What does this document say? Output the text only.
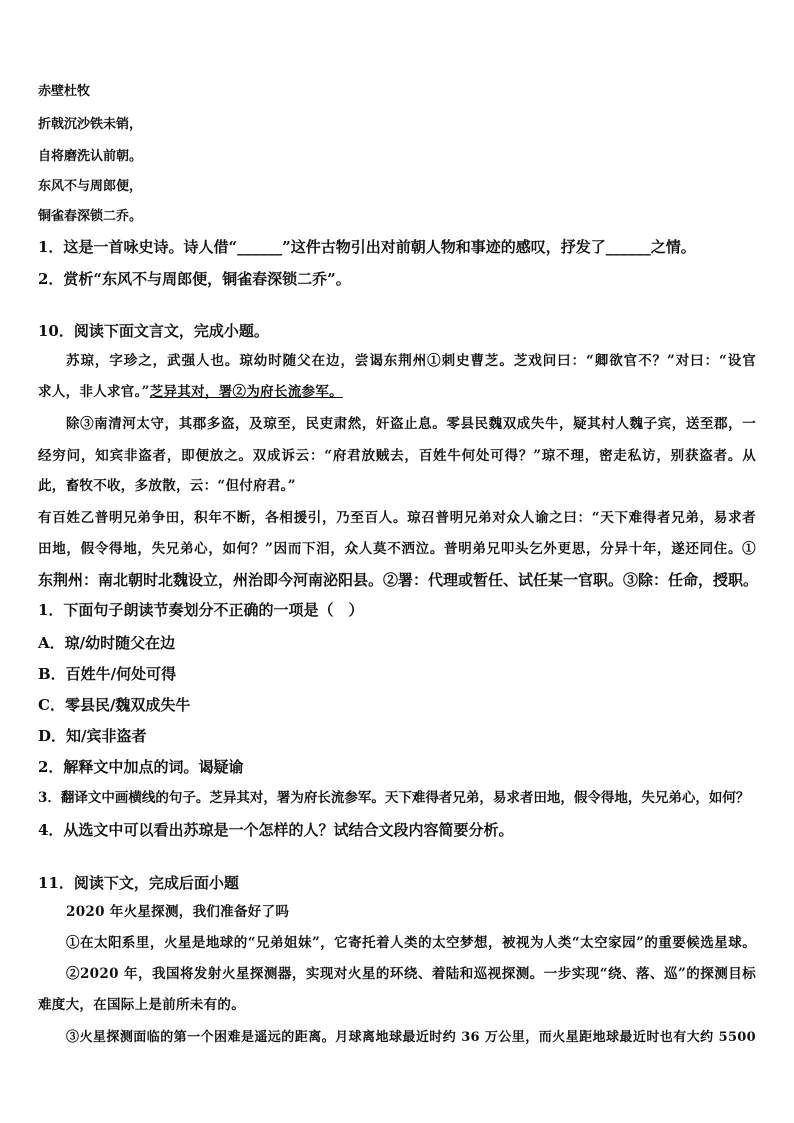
赤壁杜牧
折戟沉沙铁未销，
自将磨洗认前朝。
东风不与周郎便，
铜雀春深锁二乔。
1．这是一首咏史诗。诗人借“______”这件古物引出对前朝人物和事迹的感叹，抒发了______之情。
2．赏析“东风不与周郎便，铜雀春深锁二乔”。
10．阅读下面文言文，完成小题。
苏琼，字珍之，武强人也。琼幼时随父在边，尝谒东荆州①刺史曹芝。芝戏问曰：“卿欲官不？”对曰：“设官
求人，非人求官。”芝异其对，署②为府长流参军。
除③南清河太守，其郡多盗，及琼至，民吏肃然，奸盗止息。零县民魏双成失牛，疑其村人魏子宾，送至郡，一
经穷问，知宾非盗者，即便放之。双成诉云：“府君放贼去，百姓牛何处可得？”琼不理，密走私访，别获盗者。从
此，畜牧不收，多放散，云：“但付府君。”
有百姓乙普明兄弟争田，积年不断，各相援引，乃至百人。琼召普明兄弟对众人谕之曰：“天下难得者兄弟，易求者
田地，假令得地，失兄弟心，如何？”因而下泪，众人莫不洒泣。普明弟兄叩头乞外更思，分异十年，遂还同住。①
东荆州：南北朝时北魏设立，州治即今河南泌阳县。②署：代理或暂任、试任某一官职。③除：任命，授职。
1．下面句子朗读节奏划分不正确的一项是（　）
A．琼/幼时随父在边
B．百姓牛/何处可得
C．零县民/魏双成失牛
D．知/宾非盗者
2．解释文中加点的词。谒疑谕
3．翻译文中画横线的句子。芝异其对，署为府长流参军。天下难得者兄弟，易求者田地，假令得地，失兄弟心，如何？
4．从选文中可以看出苏琼是一个怎样的人？试结合文段内容简要分析。
11．阅读下文，完成后面小题
2020 年火星探测，我们准备好了吗
①在太阳系里，火星是地球的“兄弟姐妹”，它寄托着人类的太空梦想，被视为人类“太空家园”的重要候选星球。
②2020 年，我国将发射火星探测器，实现对火星的环绕、着陆和巡视探测。一步实现“绕、落、巡”的探测目标
难度大，在国际上是前所未有的。
③火星探测面临的第一个困难是遥远的距离。月球离地球最近时约 36 万公里，而火星距地球最近时也有大约 5500
